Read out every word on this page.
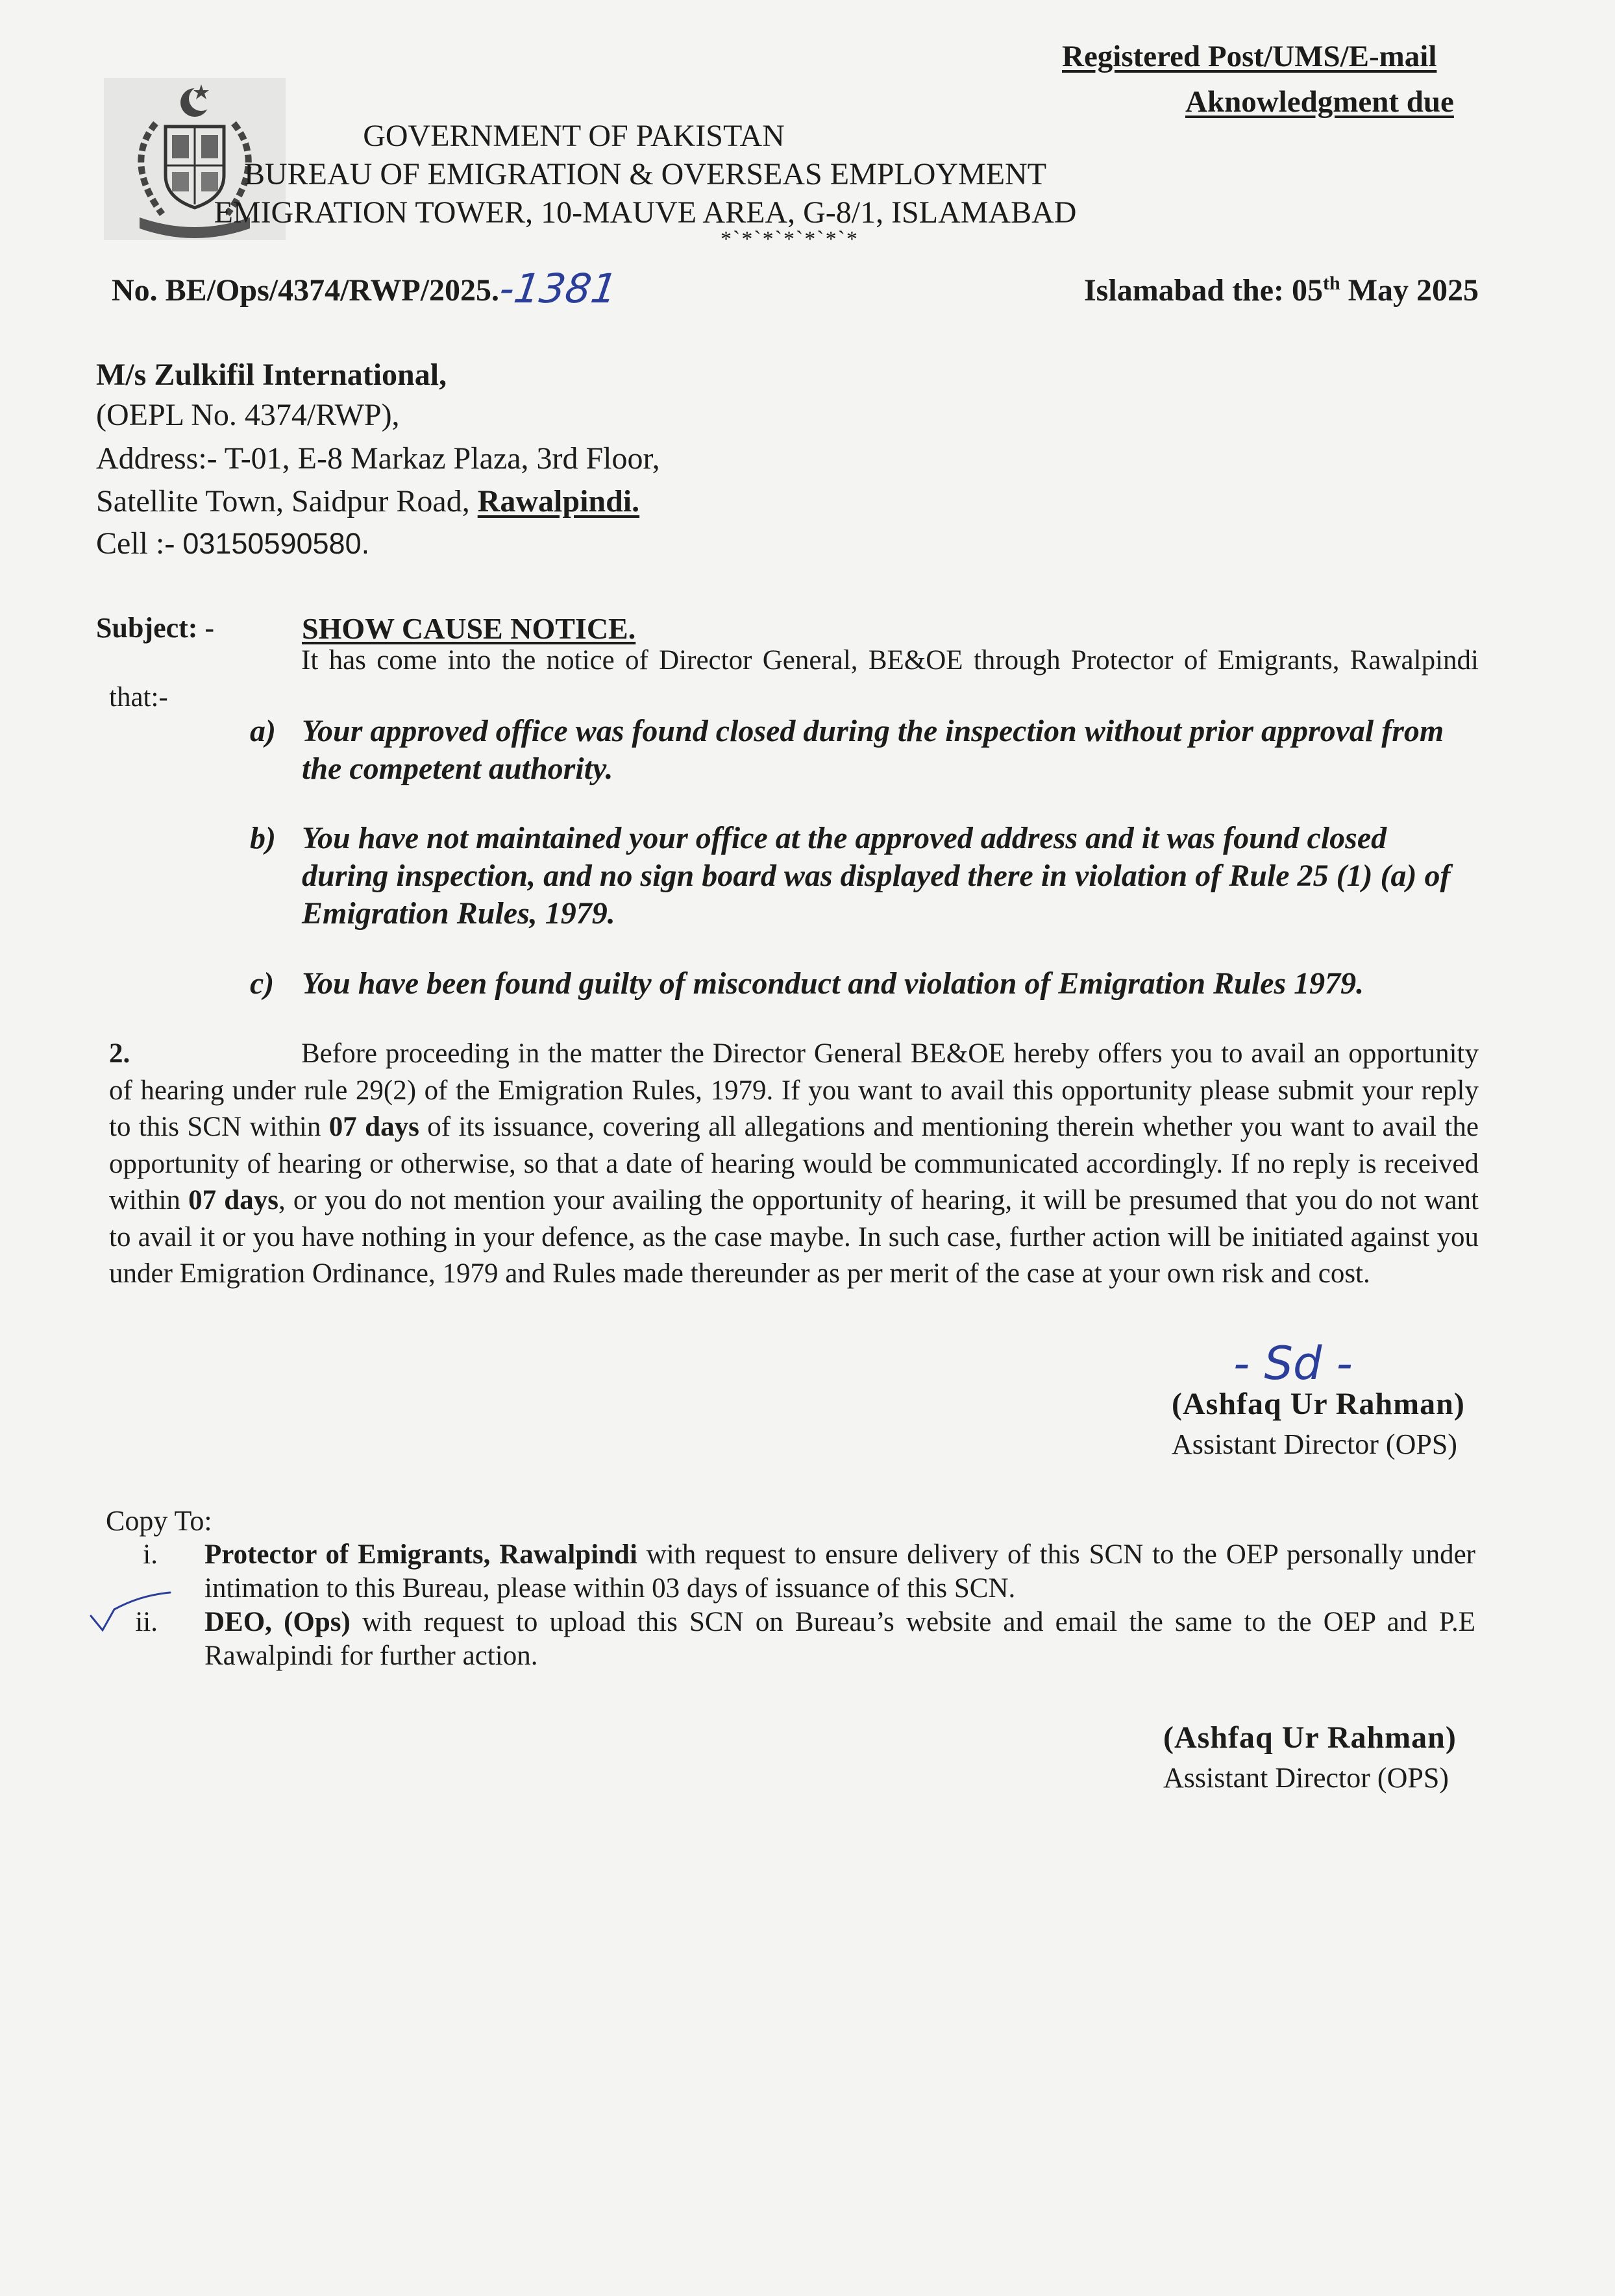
Registered Post/UMS/E-mail
Aknowledgment due
GOVERNMENT OF PAKISTAN
BUREAU OF EMIGRATION & OVERSEAS EMPLOYMENT
EMIGRATION TOWER, 10-MAUVE AREA, G-8/1, ISLAMABAD
*`*`*`*`*`*`*
No. BE/Ops/4374/RWP/2025.
-1381	Islamabad the: 05th May 2025
M/s Zulkifil International,
(OEPL No. 4374/RWP),
Address:- T-01, E-8 Markaz Plaza, 3rd Floor,
Satellite Town, Saidpur Road, Rawalpindi.
Cell :- 03150590580.
Subject: -	SHOW CAUSE NOTICE.
It has come into the notice of Director General, BE&OE through Protector of Emigrants, Rawalpindi that:-
a) Your approved office was found closed during the inspection without prior approval from the competent authority.
b) You have not maintained your office at the approved address and it was found closed during inspection, and no sign board was displayed there in violation of Rule 25 (1) (a) of Emigration Rules, 1979.
c) You have been found guilty of misconduct and violation of Emigration Rules 1979.
2.	Before proceeding in the matter the Director General BE&OE hereby offers you to avail an opportunity of hearing under rule 29(2) of the Emigration Rules, 1979. If you want to avail this opportunity please submit your reply to this SCN within 07 days of its issuance, covering all allegations and mentioning therein whether you want to avail the opportunity of hearing or otherwise, so that a date of hearing would be communicated accordingly. If no reply is received within 07 days, or you do not mention your availing the opportunity of hearing, it will be presumed that you do not want to avail it or you have nothing in your defence, as the case maybe. In such case, further action will be initiated against you under Emigration Ordinance, 1979 and Rules made thereunder as per merit of the case at your own risk and cost.
- Sd -
(Ashfaq Ur Rahman)
Assistant Director (OPS)
Copy To:
i. Protector of Emigrants, Rawalpindi with request to ensure delivery of this SCN to the OEP personally under intimation to this Bureau, please within 03 days of issuance of this SCN.
ii. DEO, (Ops) with request to upload this SCN on Bureau’s website and email the same to the OEP and P.E Rawalpindi for further action.
(Ashfaq Ur Rahman)
Assistant Director (OPS)
